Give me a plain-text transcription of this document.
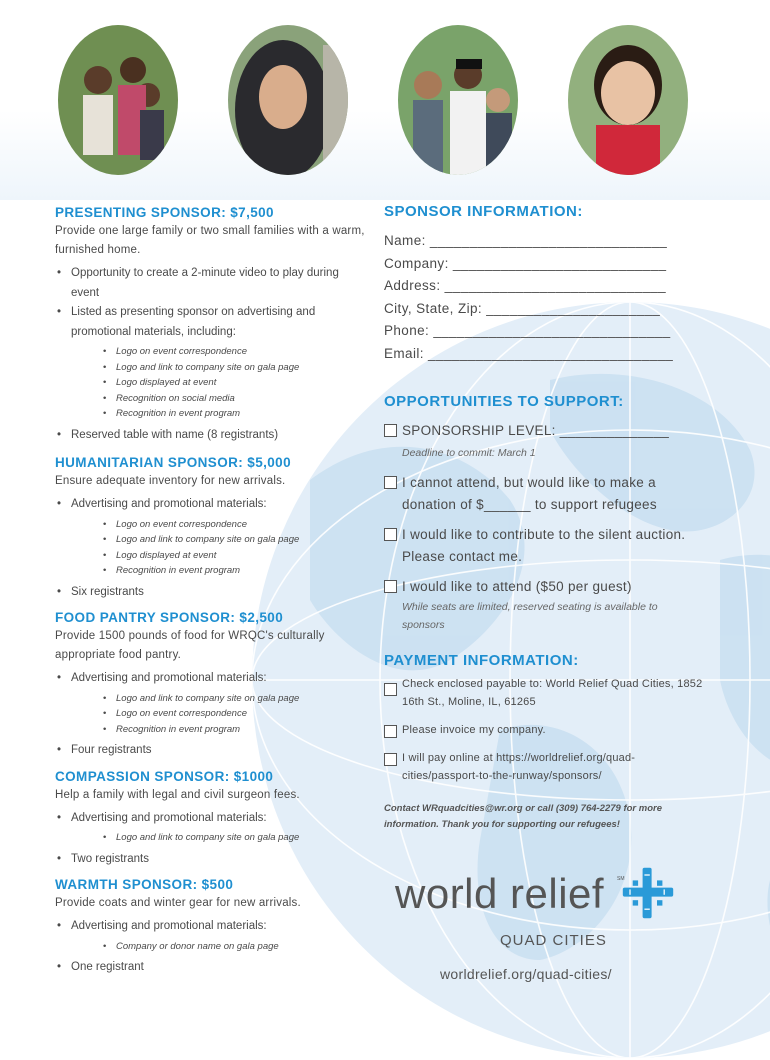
PRESENTING SPONSOR: $7,500

Provide one large family or two small families with a warm, furnished home.

• Opportunity to create a 2-minute video to play during event
• Listed as presenting sponsor on advertising and promotional materials, including:
• Logo on event correspondence
• Logo and link to company site on gala page
• Logo displayed at event
• Recognition on social media
• Recognition in event program
• Reserved table with name (8 registrants)
HUMANITARIAN SPONSOR: $5,000

Ensure adequate inventory for new arrivals.

• Advertising and promotional materials:
• Logo on event correspondence
• Logo and link to company site on gala page
• Logo displayed at event
• Recognition in event program
• Six registrants
FOOD PANTRY SPONSOR: $2,500

Provide 1500 pounds of food for WRQC's culturally appropriate food pantry.

• Advertising and promotional materials:
• Logo and link to company site on gala page
• Logo on event correspondence
• Recognition in event program
• Four registrants
COMPASSION SPONSOR: $1000

Help a family with legal and civil surgeon fees.

• Advertising and promotional materials:
• Logo and link to company site on gala page
• Two registrants
WARMTH SPONSOR: $500

Provide coats and winter gear for new arrivals.

• Advertising and promotional materials:
• Company or donor name on gala page
• One registrant
SPONSOR INFORMATION:
Name: ______________________________
Company: ___________________________
Address: ____________________________
City, State, Zip: ______________________
Phone: ______________________________
Email: _______________________________
OPPORTUNITIES TO SUPPORT:
SPONSORSHIP LEVEL: ______________
Deadline to commit: March 1
I cannot attend, but would like to make a donation of $______ to support refugees
I would like to contribute to the silent auction. Please contact me.
I would like to attend ($50 per guest)
While seats are limited, reserved seating is available to sponsors
PAYMENT INFORMATION:
Check enclosed payable to: World Relief Quad Cities, 1852 16th St., Moline, IL, 61265
Please invoice my company.
I will pay online at https://worldrelief.org/quad-cities/passport-to-the-runway/sponsors/
Contact WRquadcities@wr.org or call (309) 764-2279 for more information. Thank you for supporting our refugees!
world relief	SM
QUAD CITIES
worldrelief.org/quad-cities/
